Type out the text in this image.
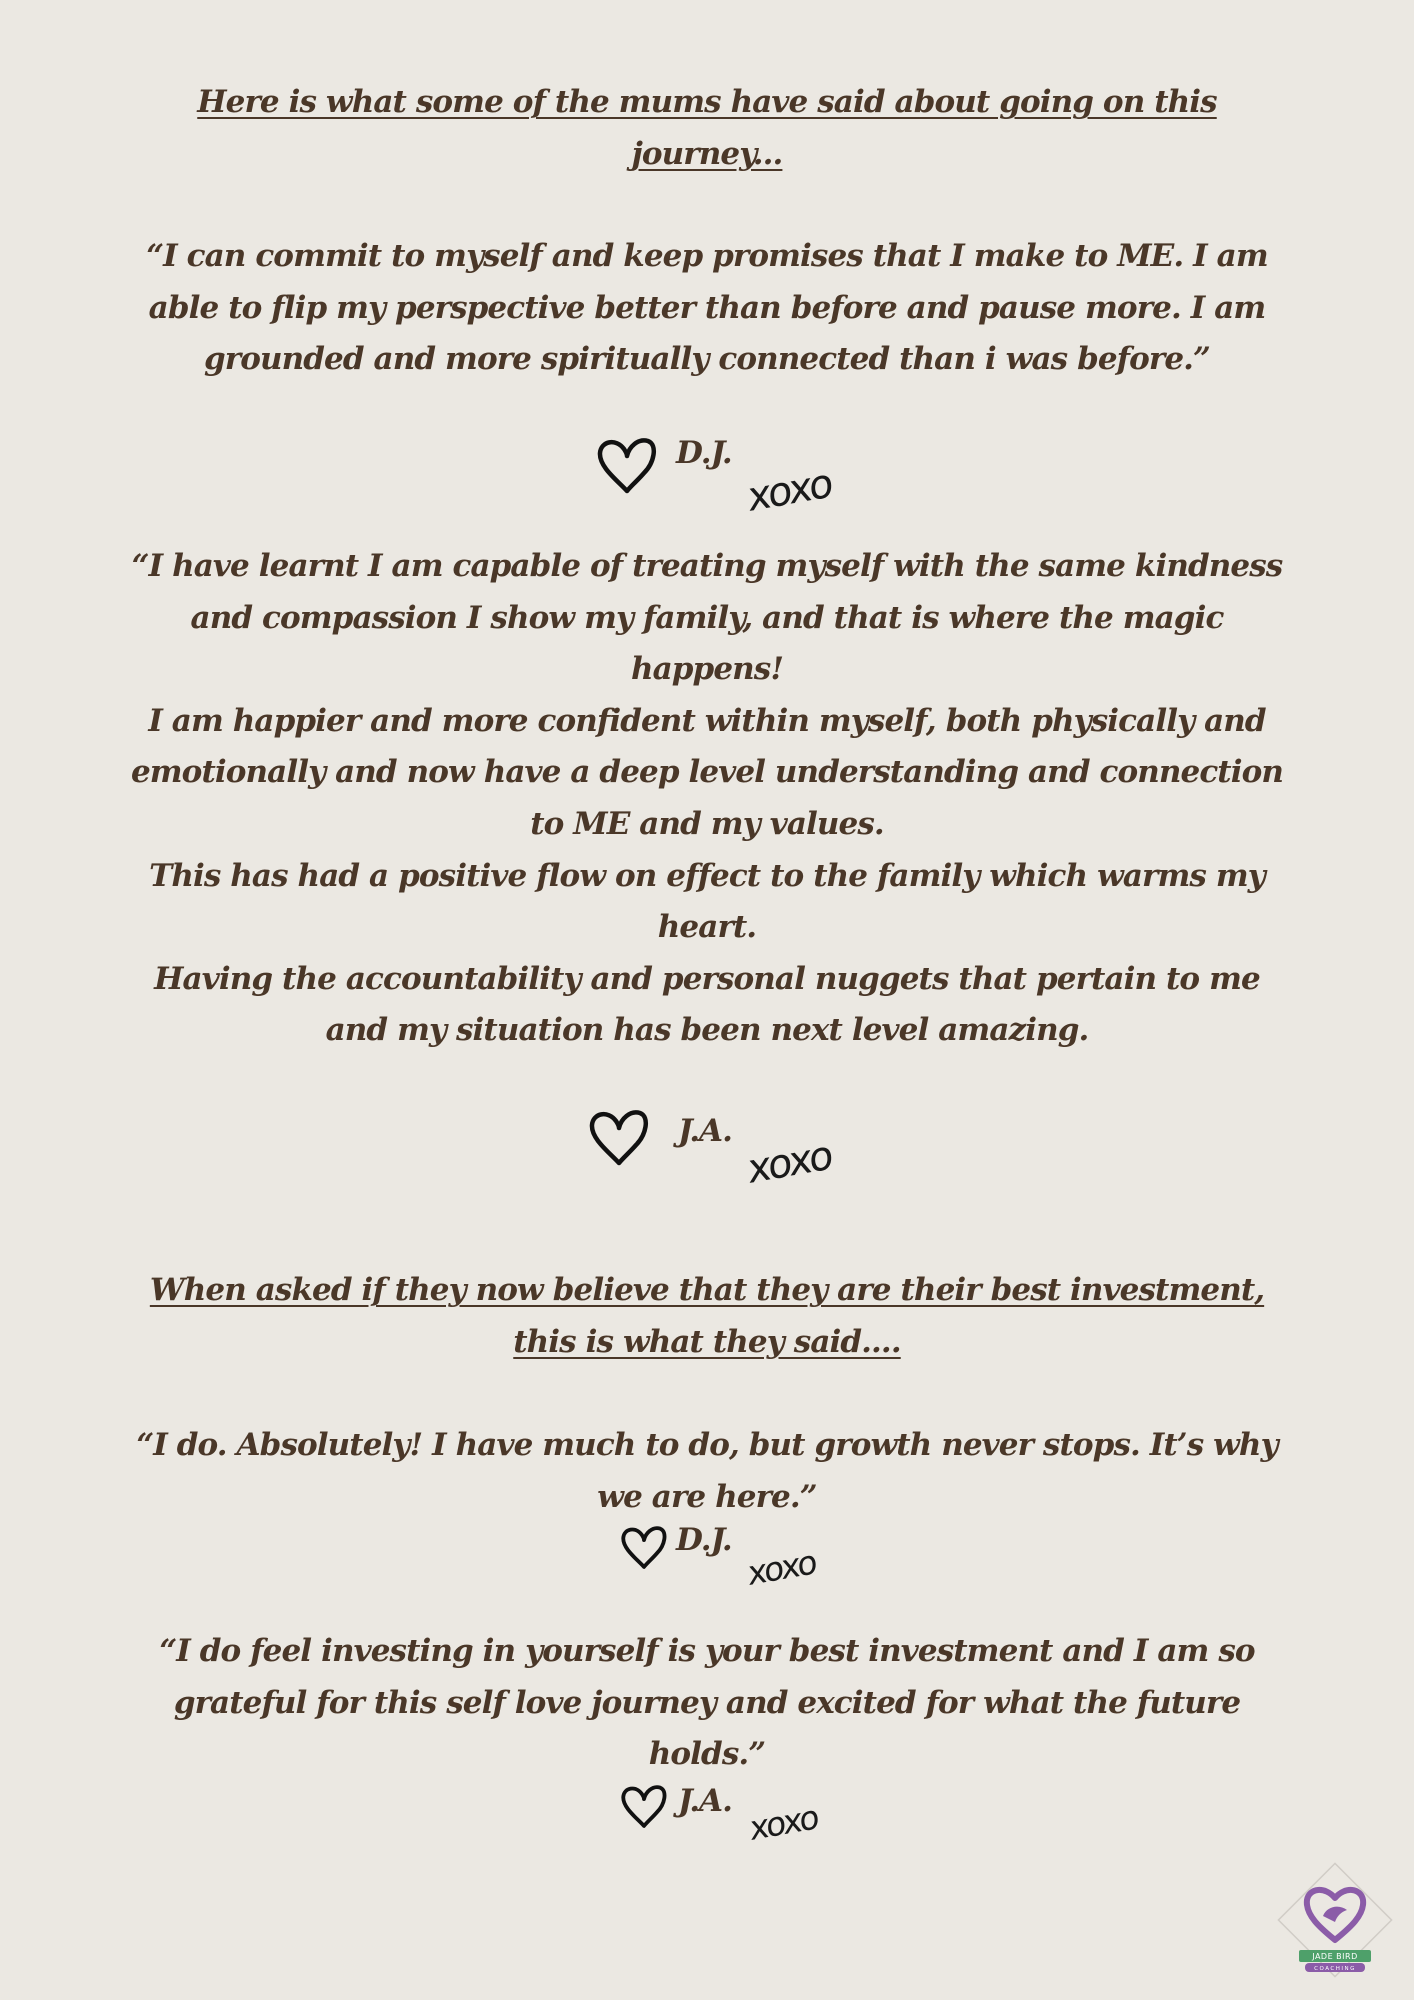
Here is what some of the mums have said about going on this

journey...

“I can commit to myself and keep promises that I make to ME. I am

able to flip my perspective better than before and pause more. I am

grounded and more spiritually connected than i was before.”

D.J.
xoxo

“I have learnt I am capable of treating myself with the same kindness

and compassion I show my family, and that is where the magic

happens!

I am happier and more confident within myself, both physically and

emotionally and now have a deep level understanding and connection

to ME and my values.

This has had a positive flow on effect to the family which warms my

heart.

Having the accountability and personal nuggets that pertain to me

and my situation has been next level amazing.

J.A.
xoxo

When asked if they now believe that they are their best investment,

this is what they said....

“I do. Absolutely! I have much to do, but growth never stops. It’s why

we are here.”

D.J.
xoxo

“I do feel investing in yourself is your best investment and I am so

grateful for this self love journey and excited for what the future

holds.”

J.A. xoxo
JADE BIRD
COACHING
